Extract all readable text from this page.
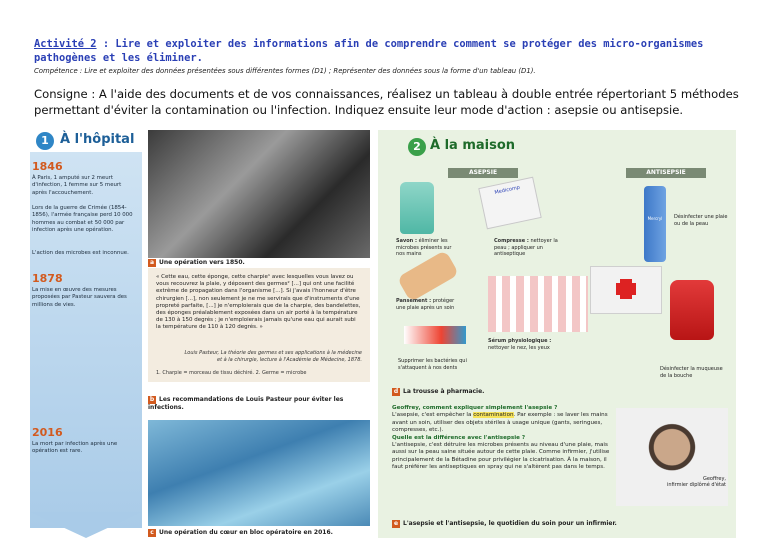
Activité 2 : Lire et exploiter des informations afin de comprendre comment se protéger des micro-organismes pathogènes et les éliminer.
Compétence : Lire et exploiter des données présentées sous différentes formes (D1) ; Représenter des données sous la forme d'un tableau (D1).
Consigne : A l'aide des documents et de vos connaissances, réalisez un tableau à double entrée répertoriant 5 méthodes permettant d'éviter la contamination ou l'infection. Indiquez ensuite leur mode d'action : asepsie ou antisepsie.
1 À l'hôpital
1846
À Paris, 1 amputé sur 2 meurt d'infection, 1 femme sur 5 meurt après l'accouchement.
Lors de la guerre de Crimée (1854-1856), l'armée française perd 10 000 hommes au combat et 50 000 par infection après une opération.
L'action des microbes est inconnue.
1878
La mise en œuvre des mesures proposées par Pasteur sauvera des millions de vies.
2016
La mort par infection après une opération est rare.
a Une opération vers 1850.
« Cette eau, cette éponge, cette charpie¹ avec lesquelles vous lavez ou vous recouvrez la plaie, y déposent des germes² [...] qui ont une facilité extrême de propagation dans l'organisme [...]. Si j'avais l'honneur d'être chirurgien [...], non seulement je ne me servirais que d'instruments d'une propreté parfaite, [...] je n'emploierais que de la charpie, des bandelettes, des éponges préalablement exposées dans un air porté à la température de 130 à 150 degrés ; je n'emploierais jamais qu'une eau qui aurait subi la température de 110 à 120 degrés. »
Louis Pasteur, La théorie des germes et ses applications à la médecine et à la chirurgie, lecture à l'Académie de Médecine, 1878.
1. Charpie = morceau de tissu déchiré. 2. Germe = microbe
b Les recommandations de Louis Pasteur pour éviter les infections.
c Une opération du cœur en bloc opératoire en 2016.
2 À la maison
ASEPSIE	ANTISEPSIE
Savon : éliminer les microbes présents sur nos mains
Medicomp
Compresse : nettoyer la peau ; appliquer un antiseptique
Mercryl	Désinfecter une plaie ou de la peau
Pansement : protéger une plaie après un soin
Sérum physiologique : nettoyer le nez, les yeux
Désinfecter la muqueuse de la bouche
Supprimer les bactéries qui s'attaquent à nos dents
d La trousse à pharmacie.
Geoffrey, comment expliquer simplement l'asepsie ?
L'asepsie, c'est empêcher la contamination. Par exemple : se laver les mains avant un soin, utiliser des objets stériles à usage unique (gants, seringues, compresses, etc.).
Quelle est la différence avec l'antisepsie ?
L'antisepsie, c'est détruire les microbes présents au niveau d'une plaie, mais aussi sur la peau saine située autour de cette plaie. Comme infirmier, j'utilise principalement de la Bétadine pour privilégier la cicatrisation. À la maison, il faut préférer les antiseptiques en spray qui ne s'altèrent pas dans le temps.
Geoffrey,
infirmier diplômé d'état
e L'asepsie et l'antisepsie, le quotidien du soin pour un infirmier.
